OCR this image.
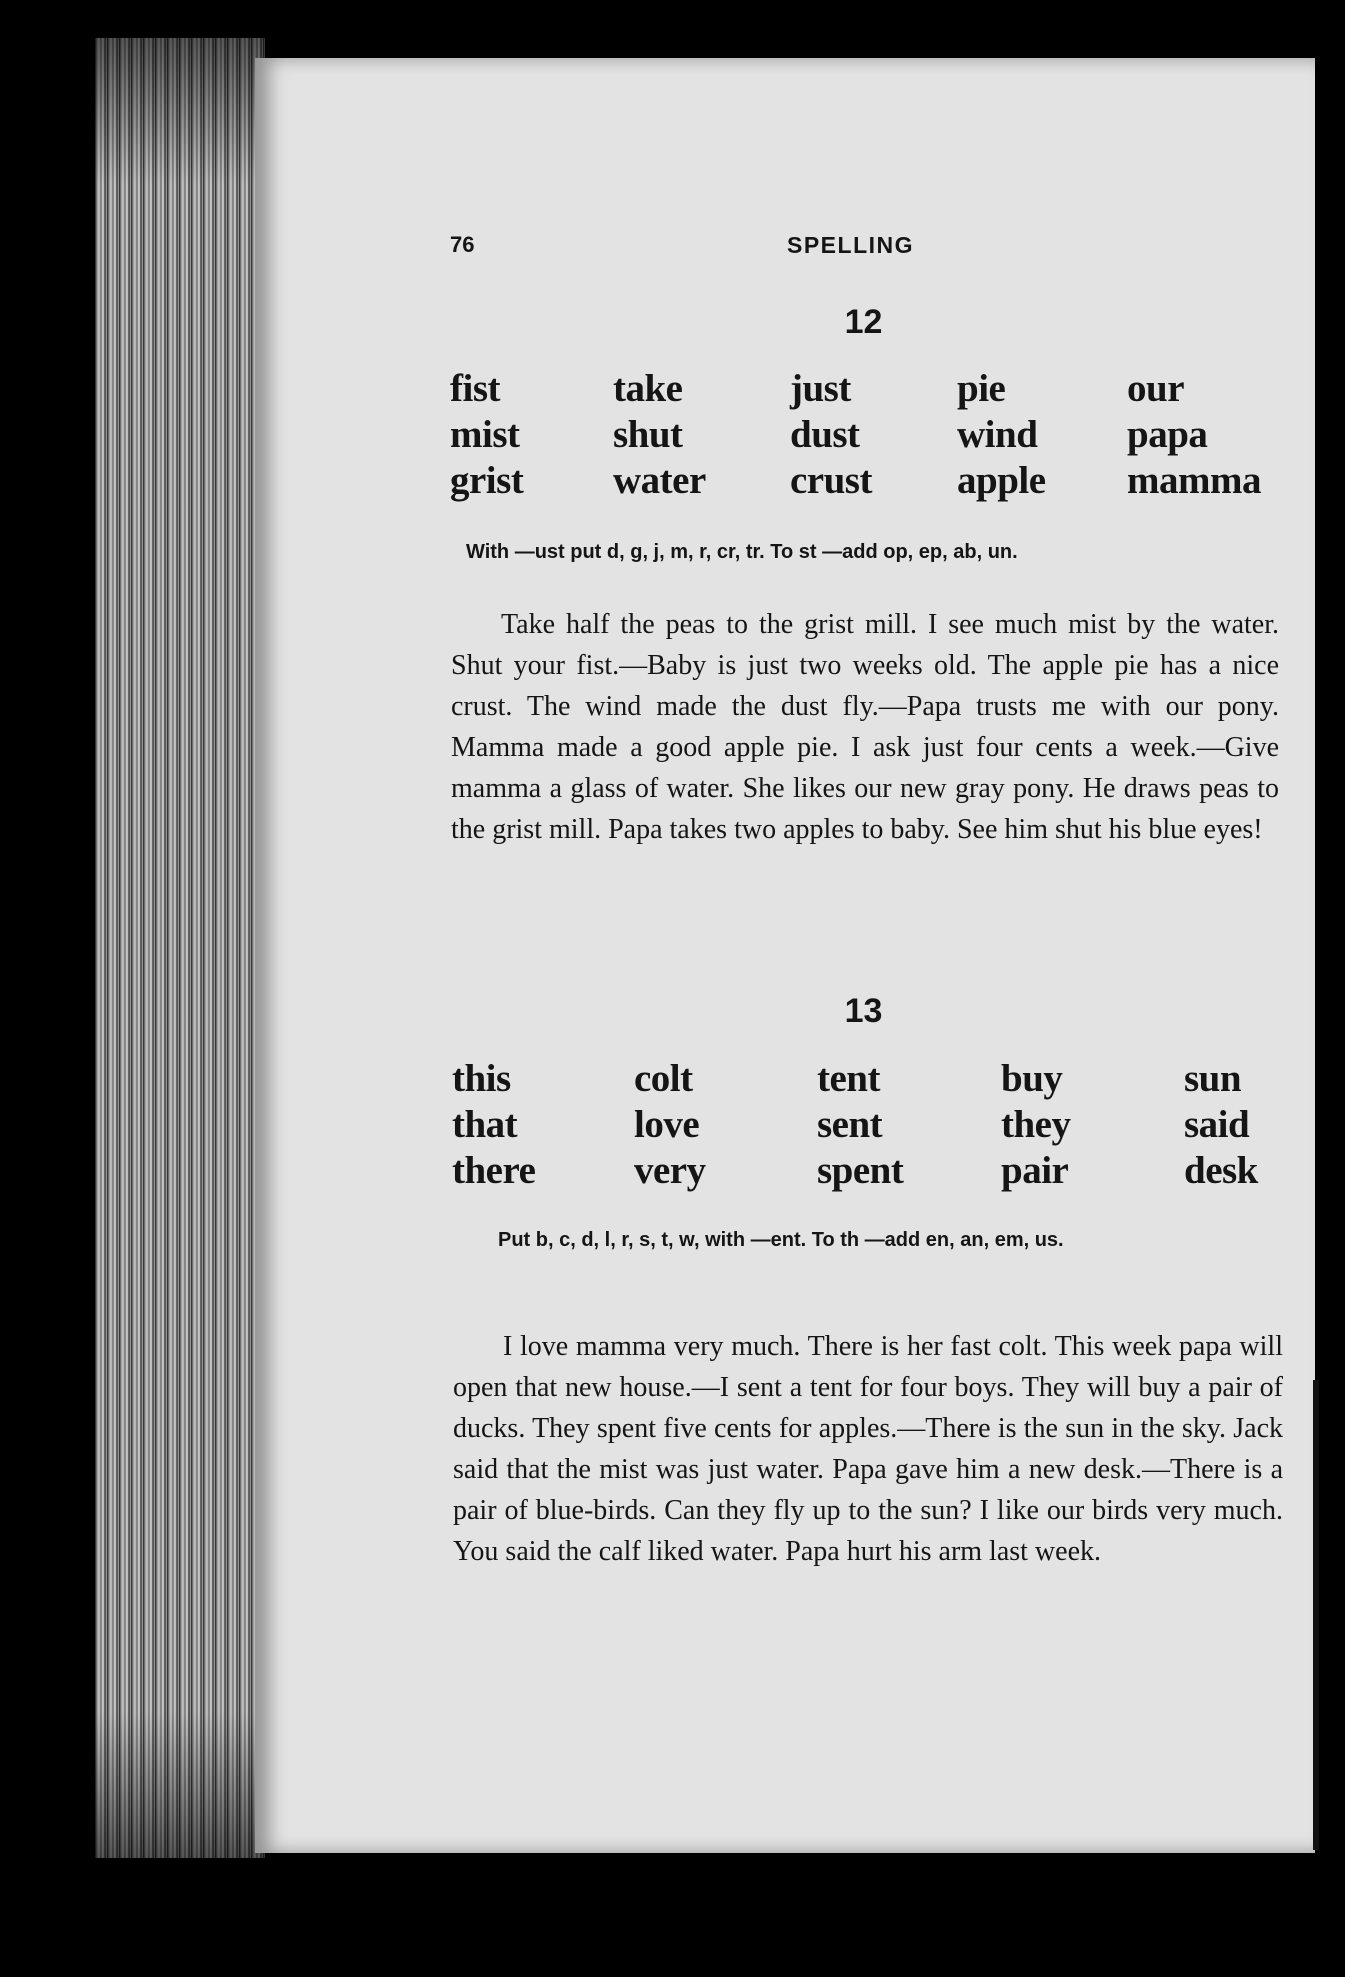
76	SPELLING
12
fist
mist
grist
take
shut
water
just
dust
crust
pie
wind
apple
our
papa
mamma
With —ust put d, g, j, m, r, cr, tr. To st —add op, ep, ab, un.
Take half the peas to the grist mill. I see much mist by the water. Shut your fist.—Baby is just two weeks old. The apple pie has a nice crust. The wind made the dust fly.—Papa trusts me with our pony. Mamma made a good apple pie. I ask just four cents a week.—Give mamma a glass of water. She likes our new gray pony. He draws peas to the grist mill. Papa takes two apples to baby. See him shut his blue eyes!
13
this
that
there
colt
love
very
tent
sent
spent
buy
they
pair
sun
said
desk
Put b, c, d, l, r, s, t, w, with —ent. To th —add en, an, em, us.
I love mamma very much. There is her fast colt. This week papa will open that new house.—I sent a tent for four boys. They will buy a pair of ducks. They spent five cents for apples.—There is the sun in the sky. Jack said that the mist was just water. Papa gave him a new desk.—There is a pair of blue-birds. Can they fly up to the sun? I like our birds very much. You said the calf liked water. Papa hurt his arm last week.
